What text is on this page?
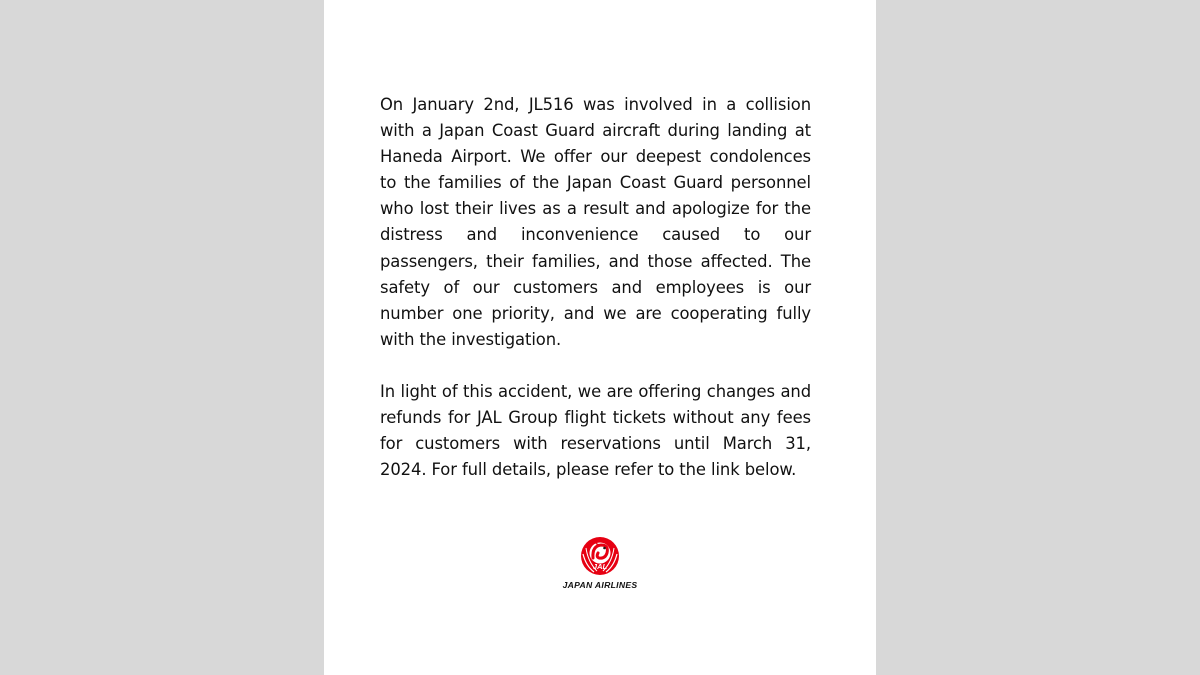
On January 2nd, JL516 was involved in a collision with a Japan Coast Guard aircraft during landing at Haneda Airport. We offer our deepest condolences to the families of the Japan Coast Guard personnel who lost their lives as a result and apologize for the distress and inconvenience caused to our passengers, their families, and those affected. The safety of our customers and employees is our number one priority, and we are cooperating fully with the investigation.

In light of this accident, we are offering changes and refunds for JAL Group flight tickets without any fees for customers with reservations until March 31, 2024. For full details, please refer to the link below.

JAL
JAPAN AIRLINES
